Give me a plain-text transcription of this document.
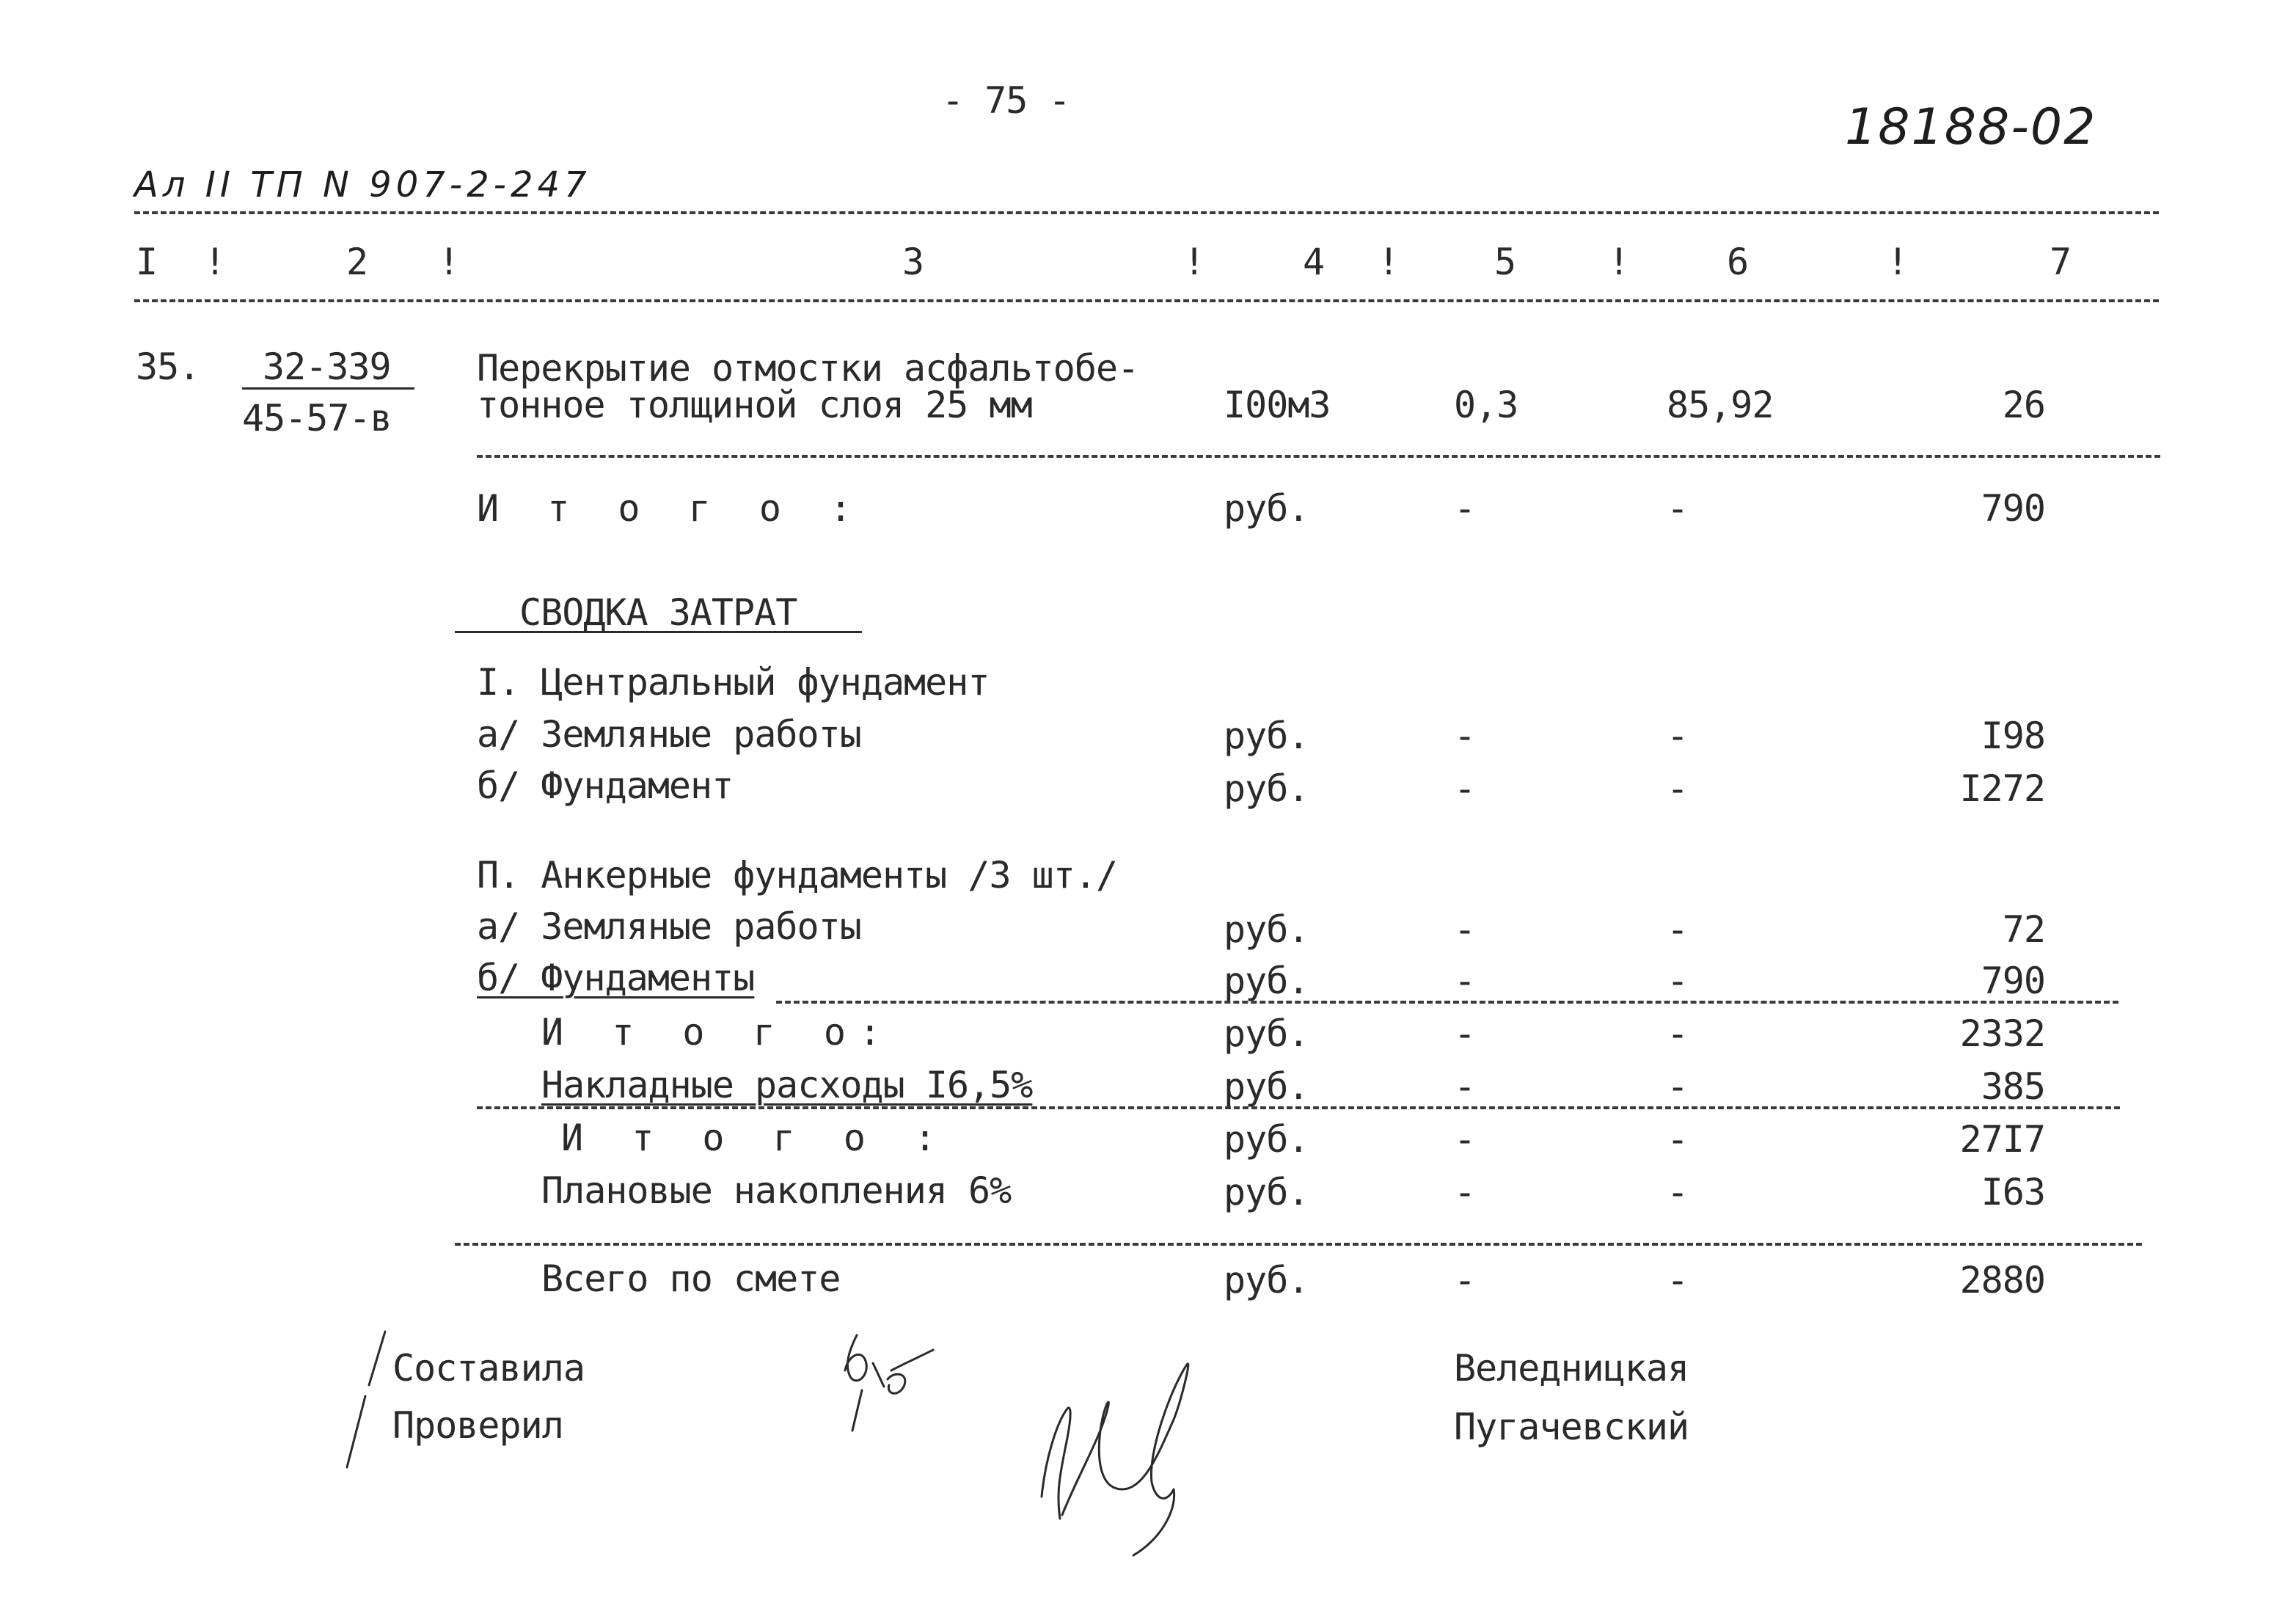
- 75 -	18188-02
Ал II ТП N 907-2-247
I !	2 !	3	!	4 !	5	!	6	!	7
35. 32-339
45-57-в
Перекрытие отмостки асфальтобе-
тонное толщиной слоя 25 мм	I00м3	0,3	85,92	26
И т о г о :	руб.	-	-	790
СВОДКА ЗАТРАТ
I. Центральный фундамент
а/ Земляные работы	руб.	-	-	I98
б/ Фундамент	руб.	-	-	I272
П. Анкерные фундаменты /3 шт./
а/ Земляные работы	руб.	-	-	72
б/ Фундаменты	руб.	-	-	790
И т о г о:	руб.	-	-	2332
Накладные расходы I6,5%	руб.	-	-	385
И т о г о :	руб.	-	-	27I7
Плановые накопления 6%	руб.	-	-	I63
Всего по смете	руб.	-	-	2880
Составила
Проверил
Веледницкая
Пугачевский
